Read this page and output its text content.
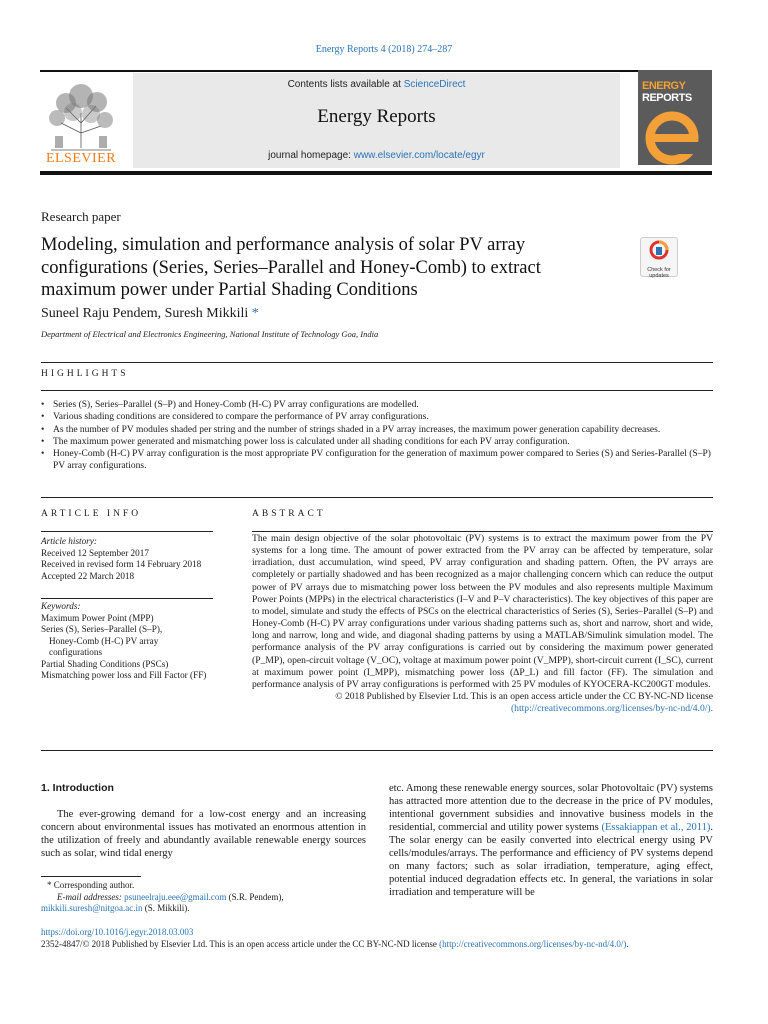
Energy Reports 4 (2018) 274–287
ELSEVIER
Contents lists available at ScienceDirect
Energy Reports
journal homepage: www.elsevier.com/locate/egyr
ENERGY
REPORTS
Research paper
Modeling, simulation and performance analysis of solar PV array configurations (Series, Series–Parallel and Honey-Comb) to extract maximum power under Partial Shading Conditions
Check for updates
Suneel Raju Pendem, Suresh Mikkili *
Department of Electrical and Electronics Engineering, National Institute of Technology Goa, India
HIGHLIGHTS
• Series (S), Series–Parallel (S–P) and Honey-Comb (H-C) PV array configurations are modelled.
• Various shading conditions are considered to compare the performance of PV array configurations.
• As the number of PV modules shaded per string and the number of strings shaded in a PV array increases, the maximum power generation capability decreases.
• The maximum power generated and mismatching power loss is calculated under all shading conditions for each PV array configuration.
• Honey-Comb (H-C) PV array configuration is the most appropriate PV configuration for the generation of maximum power compared to Series (S) and Series-Parallel (S–P) PV array configurations.
ARTICLE INFO
Article history:
Received 12 September 2017
Received in revised form 14 February 2018
Accepted 22 March 2018
Keywords:
Maximum Power Point (MPP)
Series (S), Series–Parallel (S–P),
Honey-Comb (H-C) PV array
configurations
Partial Shading Conditions (PSCs)
Mismatching power loss and Fill Factor (FF)
ABSTRACT
The main design objective of the solar photovoltaic (PV) systems is to extract the maximum power from the PV systems for a long time. The amount of power extracted from the PV array can be affected by temperature, solar irradiation, dust accumulation, wind speed, PV array configuration and shading pattern. Often, the PV arrays are completely or partially shadowed and has been recognized as a major challenging concern which can reduce the output power of PV arrays due to mismatching power loss between the PV modules and also represents multiple Maximum Power Points (MPPs) in the electrical characteristics (I–V and P–V characteristics). The key objectives of this paper are to model, simulate and study the effects of PSCs on the electrical characteristics of Series (S), Series–Parallel (S–P) and Honey-Comb (H-C) PV array configurations under various shading patterns such as, short and narrow, short and wide, long and narrow, long and wide, and diagonal shading patterns by using a MATLAB/Simulink simulation model. The performance analysis of the PV array configurations is carried out by considering the maximum power generated (P_MP), open-circuit voltage (V_OC), voltage at maximum power point (V_MPP), short-circuit current (I_SC), current at maximum power point (I_MPP), mismatching power loss (ΔP_L) and fill factor (FF). The simulation and performance analysis of PV array configurations is performed with 25 PV modules of KYOCERA-KC200GT modules.
© 2018 Published by Elsevier Ltd. This is an open access article under the CC BY-NC-ND license
(http://creativecommons.org/licenses/by-nc-nd/4.0/).
1. Introduction
The ever-growing demand for a low-cost energy and an increasing concern about environmental issues has motivated an enormous attention in the utilization of freely and abundantly available renewable energy sources such as solar, wind tidal energy
etc. Among these renewable energy sources, solar Photovoltaic (PV) systems has attracted more attention due to the decrease in the price of PV modules, intentional government subsidies and innovative business models in the residential, commercial and utility power systems (Essakiappan et al., 2011). The solar energy can be easily converted into electrical energy using PV cells/modules/arrays. The performance and efficiency of PV systems depend on many factors; such as solar irradiation, temperature, aging effect, potential induced degradation effects etc. In general, the variations in solar irradiation and temperature will be
* Corresponding author.
E-mail addresses: psuneelraju.eee@gmail.com (S.R. Pendem),
mikkili.suresh@nitgoa.ac.in (S. Mikkili).
https://doi.org/10.1016/j.egyr.2018.03.003
2352-4847/© 2018 Published by Elsevier Ltd. This is an open access article under the CC BY-NC-ND license (http://creativecommons.org/licenses/by-nc-nd/4.0/).
